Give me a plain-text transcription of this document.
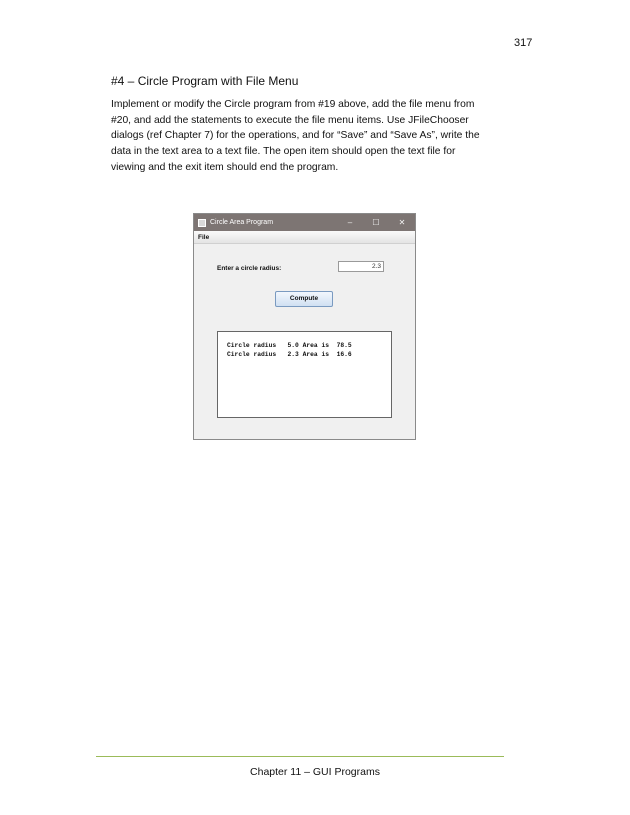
317
#4 – Circle Program with File Menu
Implement or modify the Circle program from #19 above, add the file menu from
#20, and add the statements to execute the file menu items. Use JFileChooser
dialogs (ref Chapter 7) for the operations, and for “Save” and “Save As”, write the
data in the text area to a text file. The open item should open the text file for
viewing and the exit item should end the program.
Circle Area Program	–	☐	✕
File
Enter a circle radius:	2.3
Compute
Circle radius   5.0 Area is  78.5
Circle radius   2.3 Area is  16.6
Chapter 11 – GUI Programs
